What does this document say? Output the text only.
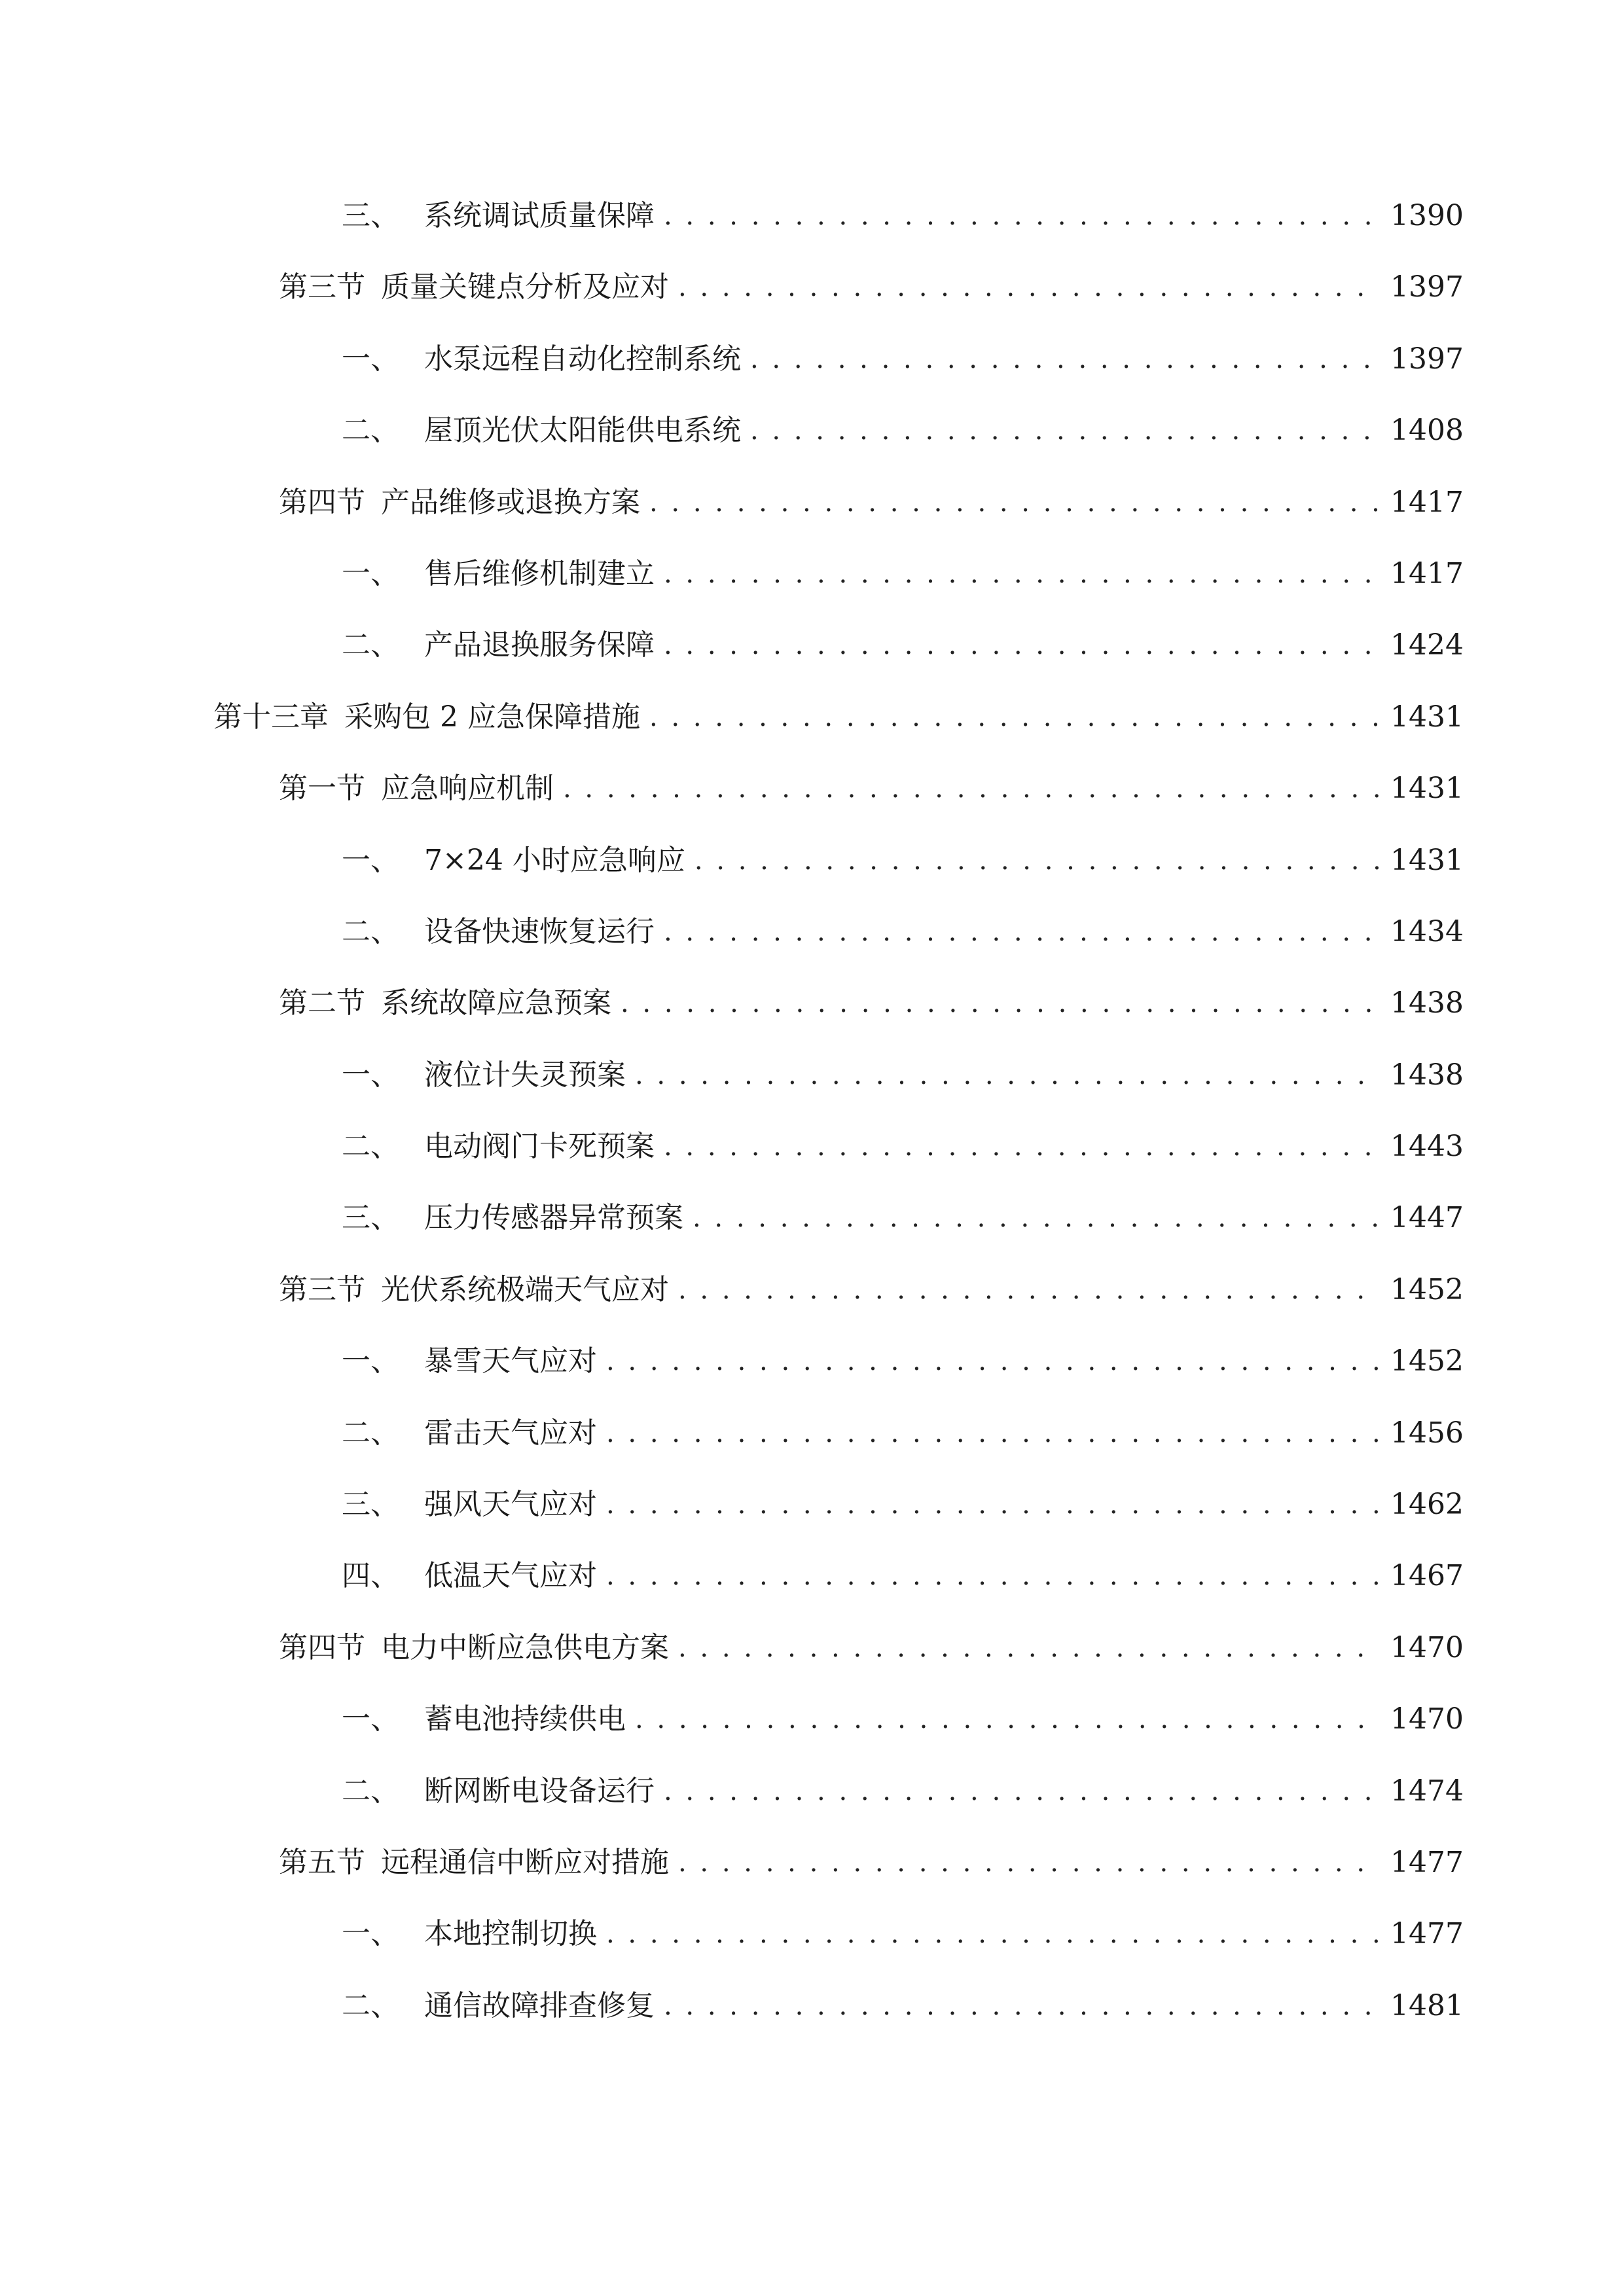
三、 系统调试质量保障 . . .	1390
第三节 质量关键点分析及应对 . . .	1397
一、 水泵远程自动化控制系统 . . .	1397
二、 屋顶光伏太阳能供电系统 . . .	1408
第四节 产品维修或退换方案 . . .	1417
一、 售后维修机制建立 . . .	1417
二、 产品退换服务保障 . . .	1424
第十三章 采购包 2 应急保障措施 . . .	1431
第一节 应急响应机制 . . .	1431
一、 7×24 小时应急响应 . . .	1431
二、 设备快速恢复运行 . . .	1434
第二节 系统故障应急预案 . . .	1438
一、 液位计失灵预案 . . .	1438
二、 电动阀门卡死预案 . . .	1443
三、 压力传感器异常预案 . . .	1447
第三节 光伏系统极端天气应对 . . .	1452
一、 暴雪天气应对 . . .	1452
二、 雷击天气应对 . . .	1456
三、 强风天气应对 . . .	1462
四、 低温天气应对 . . .	1467
第四节 电力中断应急供电方案 . . .	1470
一、 蓄电池持续供电 . . .	1470
二、 断网断电设备运行 . . .	1474
第五节 远程通信中断应对措施 . . .	1477
一、 本地控制切换 . . .	1477
二、 通信故障排查修复 . . .	1481
